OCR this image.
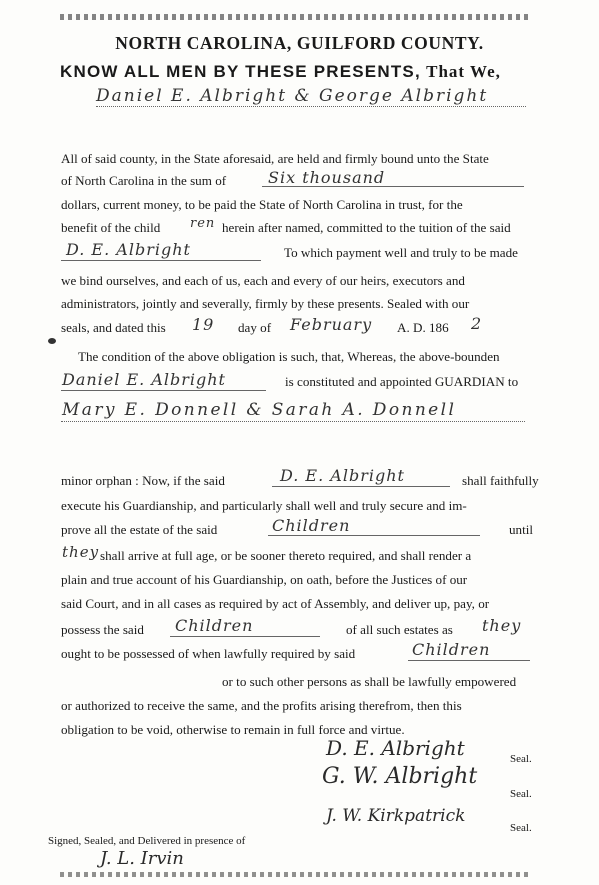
NORTH CAROLINA, GUILFORD COUNTY.
KNOW ALL MEN BY THESE PRESENTS, That We,
Daniel E. Albright & George Albright
All of said county, in the State aforesaid, are held and firmly bound unto the State
of North Carolina in the sum of	Six thousand
dollars, current money, to be paid the State of North Carolina in trust, for the
benefit of the child ren herein after named, committed to the tuition of the said
D. E. Albright	To which payment well and truly to be made
we bind ourselves, and each of us, each and every of our heirs, executors and
administrators, jointly and severally, firmly by these presents. Sealed with our
seals, and dated this 19 day of February A. D. 186 2
The condition of the above obligation is such, that, Whereas, the above-bounden
Daniel E. Albright	is constituted and appointed GUARDIAN to
Mary E. Donnell & Sarah A. Donnell
minor orphan : Now, if the said	D. E. Albright	shall faithfully
execute his Guardianship, and particularly shall well and truly secure and im-
prove all the estate of the said	Children	until
they shall arrive at full age, or be sooner thereto required, and shall render a
plain and true account of his Guardianship, on oath, before the Justices of our
said Court, and in all cases as required by act of Assembly, and deliver up, pay, or
possess the said Children	of all such estates as they
ought to be possessed of when lawfully required by said	Children
or to such other persons as shall be lawfully empowered
or authorized to receive the same, and the profits arising therefrom, then this
obligation to be void, otherwise to remain in full force and virtue.
D. E. Albright	Seal.
G. W. Albright
Seal.
J. W. Kirkpatrick
Seal.
Signed, Sealed, and Delivered in presence of
J. L. Irvin
